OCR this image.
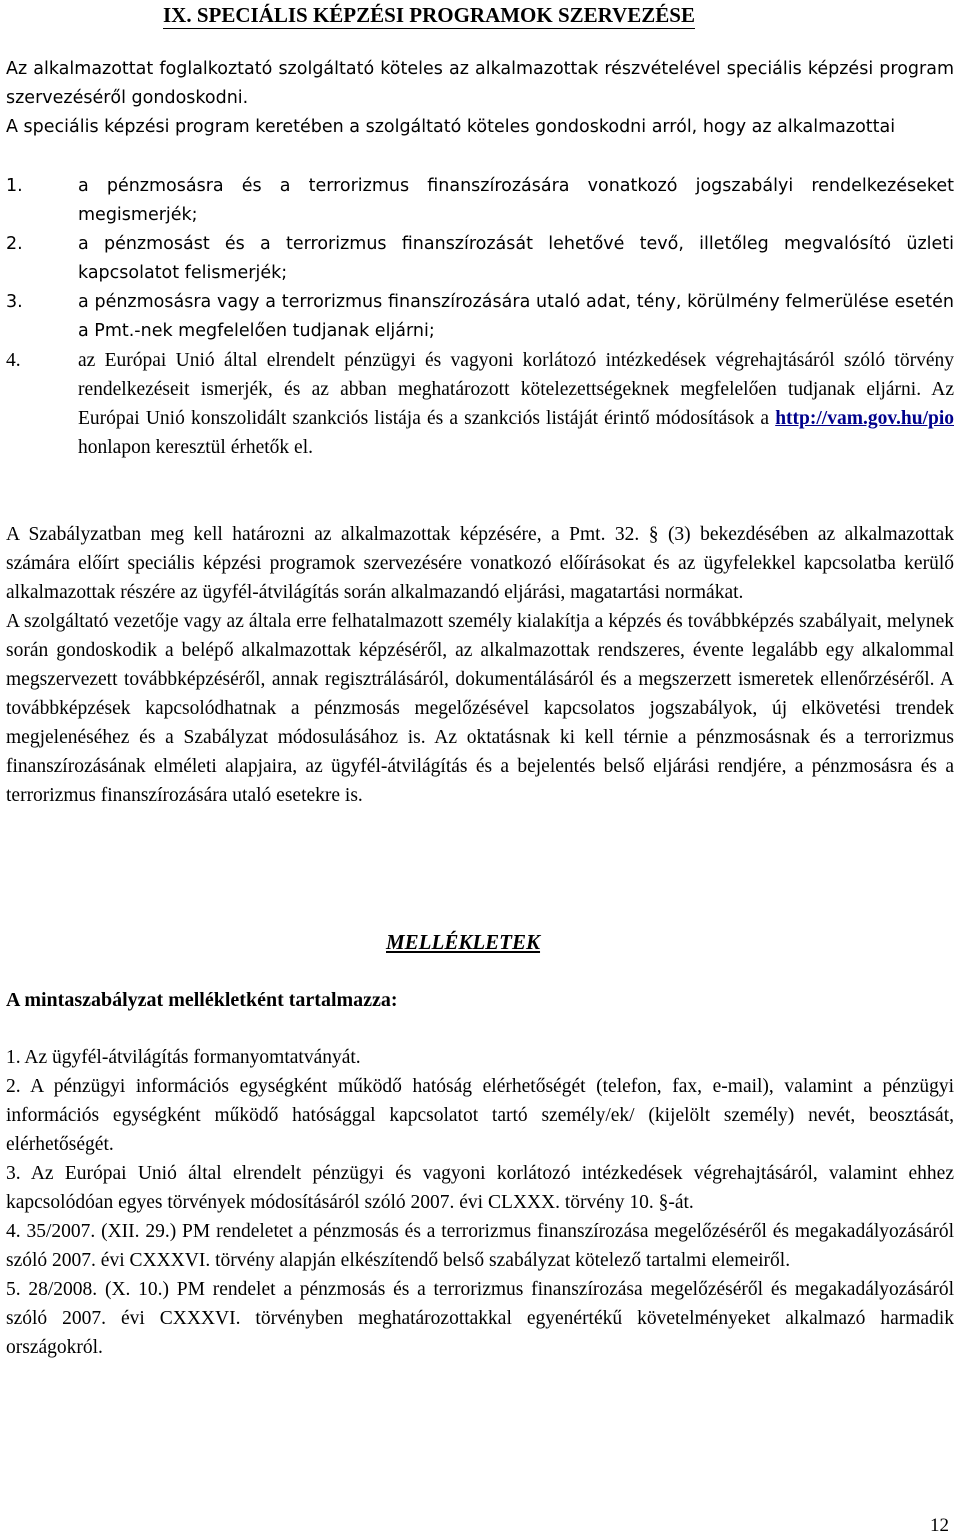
IX. SPECIÁLIS KÉPZÉSI PROGRAMOK SZERVEZÉSE

Az alkalmazottat foglalkoztató szolgáltató köteles az alkalmazottak részvételével speciális képzési program szervezéséről gondoskodni.

A speciális képzési program keretében a szolgáltató köteles gondoskodni arról, hogy az alkalmazottai

1.	a pénzmosásra és a terrorizmus finanszírozására vonatkozó jogszabályi rendelkezéseket megismerjék;
2.	a pénzmosást és a terrorizmus finanszírozását lehetővé tevő, illetőleg megvalósító üzleti kapcsolatot felismerjék;
3.	a pénzmosásra vagy a terrorizmus finanszírozására utaló adat, tény, körülmény felmerülése esetén a Pmt.-nek megfelelően tudjanak eljárni;
4.	az Európai Unió által elrendelt pénzügyi és vagyoni korlátozó intézkedések végrehajtásáról szóló törvény rendelkezéseit ismerjék, és az abban meghatározott kötelezettségeknek megfelelően tudjanak eljárni. Az Európai Unió konszolidált szankciós listája és a szankciós listáját érintő módosítások a http://vam.gov.hu/pio honlapon keresztül érhetők el.

A Szabályzatban meg kell határozni az alkalmazottak képzésére, a Pmt. 32. § (3) bekezdésében az alkalmazottak számára előírt speciális képzési programok szervezésére vonatkozó előírásokat és az ügyfelekkel kapcsolatba kerülő alkalmazottak részére az ügyfél-átvilágítás során alkalmazandó eljárási, magatartási normákat.

A szolgáltató vezetője vagy az általa erre felhatalmazott személy kialakítja a képzés és továbbképzés szabályait, melynek során gondoskodik a belépő alkalmazottak képzéséről, az alkalmazottak rendszeres, évente legalább egy alkalommal megszervezett továbbképzéséről, annak regisztrálásáról, dokumentálásáról és a megszerzett ismeretek ellenőrzéséről. A továbbképzések kapcsolódhatnak a pénzmosás megelőzésével kapcsolatos jogszabályok, új elkövetési trendek megjelenéséhez és a Szabályzat módosulásához is. Az oktatásnak ki kell térnie a pénzmosásnak és a terrorizmus finanszírozásának elméleti alapjaira, az ügyfél-átvilágítás és a bejelentés belső eljárási rendjére, a pénzmosásra és a terrorizmus finanszírozására utaló esetekre is.

MELLÉKLETEK
A mintaszabályzat mellékletként tartalmazza:

1. Az ügyfél-átvilágítás formanyomtatványát.

2. A pénzügyi információs egységként működő hatóság elérhetőségét (telefon, fax, e-mail), valamint a pénzügyi információs egységként működő hatósággal kapcsolatot tartó személy/ek/ (kijelölt személy) nevét, beosztását, elérhetőségét.

3. Az Európai Unió által elrendelt pénzügyi és vagyoni korlátozó intézkedések végrehajtásáról, valamint ehhez kapcsolódóan egyes törvények módosításáról szóló 2007. évi CLXXX. törvény 10. §-át.

4. 35/2007. (XII. 29.) PM rendeletet a pénzmosás és a terrorizmus finanszírozása megelőzéséről és megakadályozásáról szóló 2007. évi CXXXVI. törvény alapján elkészítendő belső szabályzat kötelező tartalmi elemeiről.

5. 28/2008. (X. 10.) PM rendelet a pénzmosás és a terrorizmus finanszírozása megelőzéséről és megakadályozásáról szóló 2007. évi CXXXVI. törvényben meghatározottakkal egyenértékű követelményeket alkalmazó harmadik országokról.

12
